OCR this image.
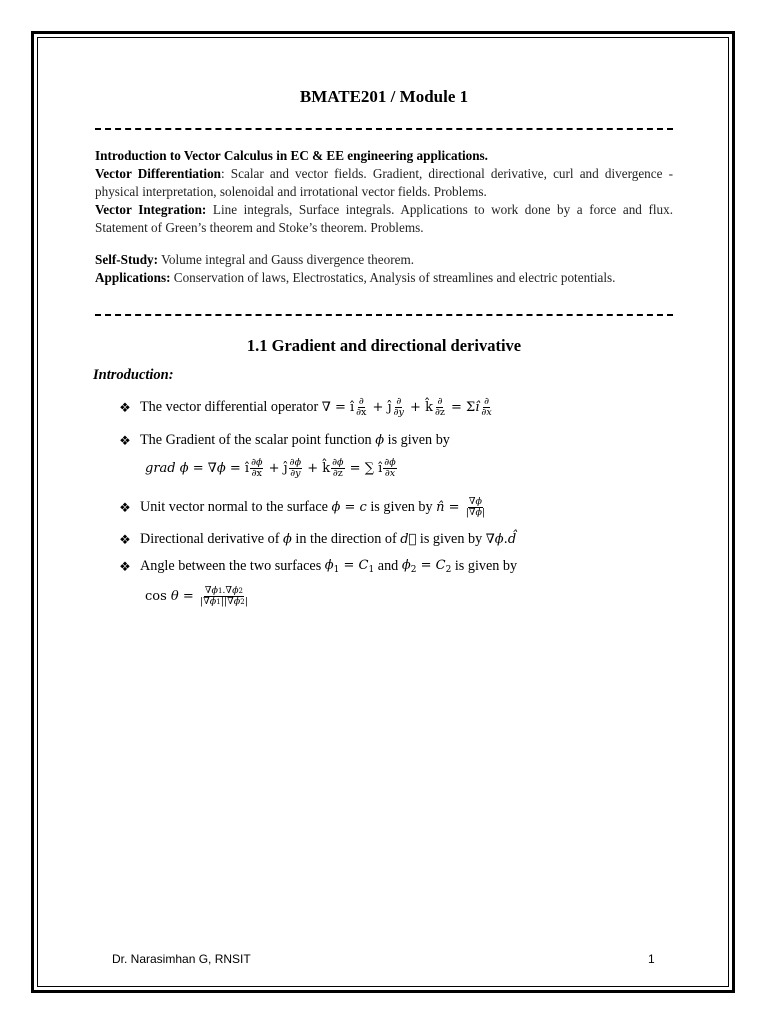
BMATE201 / Module 1

Introduction to Vector Calculus in EC & EE engineering applications.

Vector Differentiation: Scalar and vector fields. Gradient, directional derivative, curl and divergence - physical interpretation, solenoidal and irrotational vector fields. Problems.

Vector Integration: Line integrals, Surface integrals. Applications to work done by a force and flux. Statement of Green’s theorem and Stoke’s theorem. Problems.

Self-Study: Volume integral and Gauss divergence theorem.

Applications: Conservation of laws, Electrostatics, Analysis of streamlines and electric potentials.

1.1 Gradient and directional derivative
Introduction:
❖ The vector differential operator
∇ = î $\frac{\partial}{\partial x}$ + ĵ $\frac{\partial}{\partial y}$ + k̂ $\frac{\partial}{\partial z}$ = Σî $\frac{\partial}{\partial x}$
❖ The Gradient of the scalar point function
ϕ
is given by
grad ϕ = ∇ϕ = î $\frac{\partial\phi}{\partial x}$ + ĵ $\frac{\partial\phi}{\partial y}$ + k̂ $\frac{\partial\phi}{\partial z}$ = ∑ î $\frac{\partial\phi}{\partial x}$
❖ Unit vector normal to the surface
ϕ = c
is given by
n̂ = $\frac{\nabla\phi}{|\nabla\phi|}$
❖ Directional derivative of
ϕ
in the direction of
d⃗
is given by
∇ϕ.d̂
❖ Angle between the two surfaces
$\phi_1 = C_1$
and
$\phi_2 = C_2$
is given by
$\cos \theta = \frac{\nabla\phi 1.\nabla\phi 2}{|\nabla\phi 1||\nabla\phi 2|}$
Dr. Narasimhan G, RNSIT	1
